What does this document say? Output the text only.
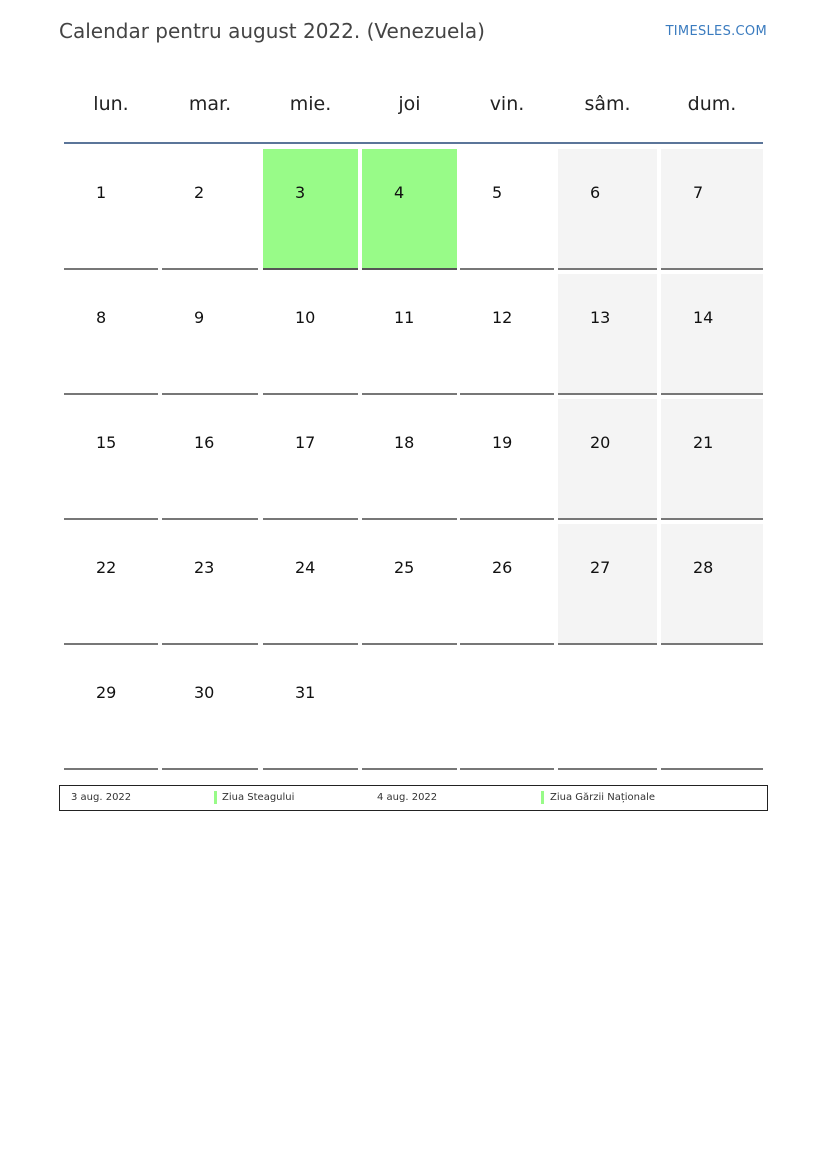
Calendar pentru august 2022. (Venezuela)	TIMESLES.COM
lun.	mar.	mie.	joi	vin.	sâm.	dum.
1	2	3	4	5	6	7
8	9	10	11	12	13	14
15	16	17	18	19	20	21
22	23	24	25	26	27	28
29	30	31
3 aug. 2022	Ziua Steagului	4 aug. 2022	Ziua Gărzii Naționale
